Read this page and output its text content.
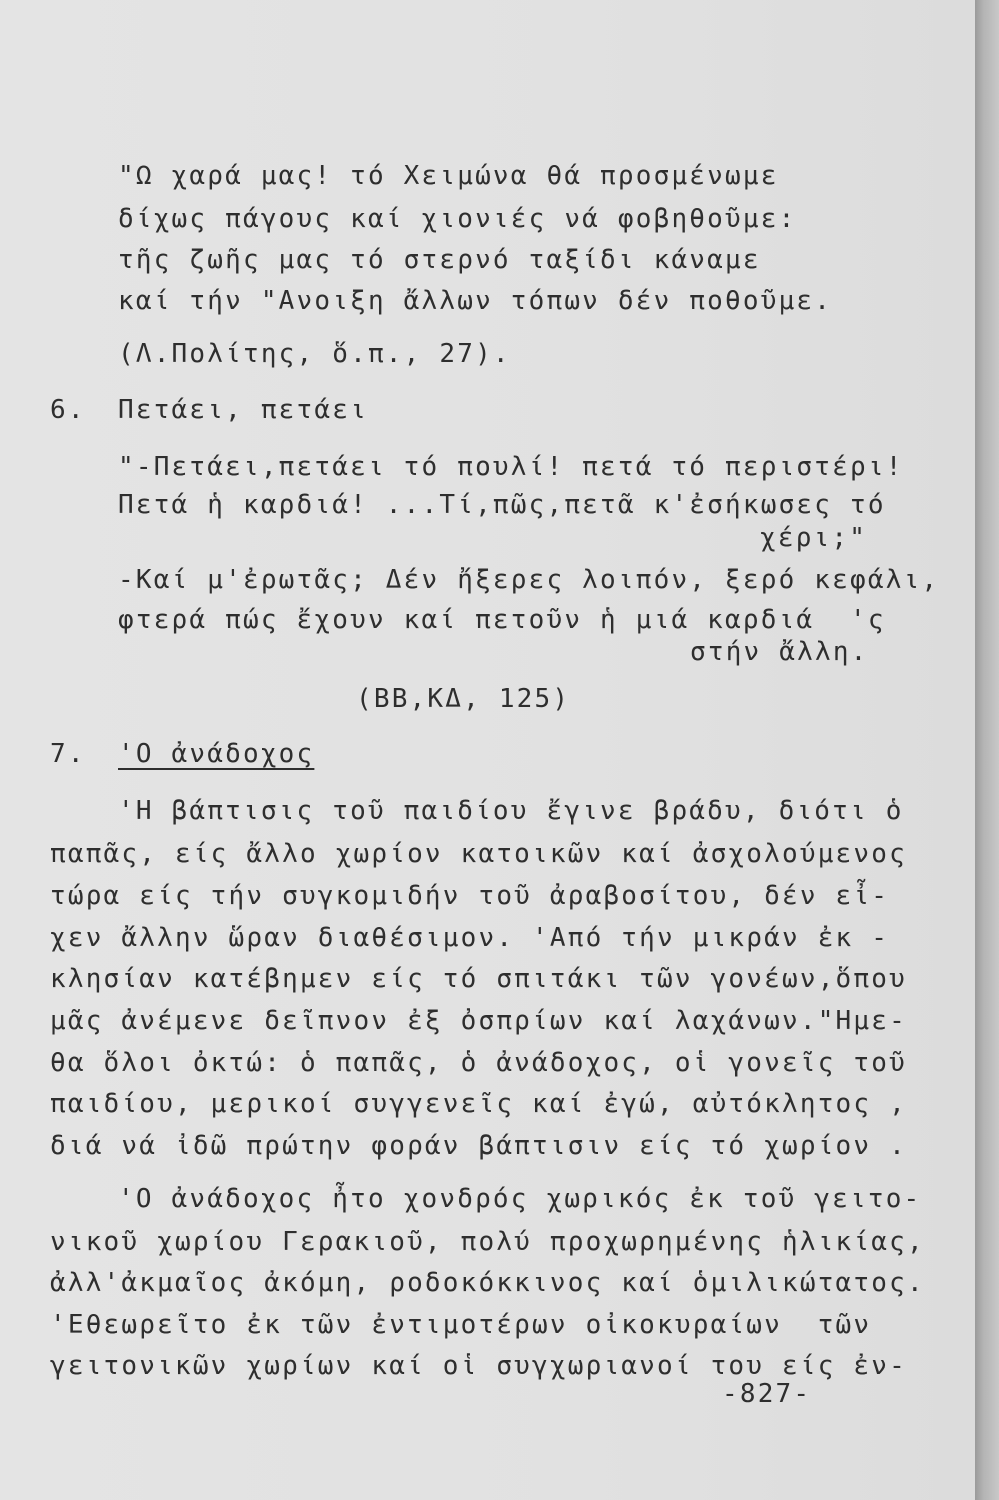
"Ω χαρά μας! τό Χειμώνα θά προσμένωμε
δίχως πάγους καί χιονιές νά φοβηθοῦμε:
τῆς ζωῆς μας τό στερνό ταξίδι κάναμε
καί τήν "Ανοιξη ἄλλων τόπων δέν ποθοῦμε.
(Λ.Πολίτης, ὅ.π., 27).
6. Πετάει, πετάει
"-Πετάει,πετάει τό πουλί! πετά τό περιστέρι!
Πετά ἡ καρδιά! ...Τί,πῶς,πετᾶ κ'ἐσήκωσες τό
χέρι;"
-Καί μ'ἐρωτᾶς; Δέν ἤξερες λοιπόν, ξερό κεφάλι,
φτερά πώς ἔχουν καί πετοῦν ἡ μιά καρδιά  'ς
στήν ἄλλη.
(ΒΒ,ΚΔ, 125)
7. 'Ο ἀνάδοχος
'Η βάπτισις τοῦ παιδίου ἔγινε βράδυ, διότι ὁ
παπᾶς, είς ἄλλο χωρίον κατοικῶν καί ἀσχολούμενος
τώρα είς τήν συγκομιδήν τοῦ ἀραβοσίτου, δέν εἶ-
χεν ἄλλην ὥραν διαθέσιμον. 'Από τήν μικράν ἐκ -
κλησίαν κατέβημεν είς τό σπιτάκι τῶν γονέων,ὅπου
μᾶς ἀνέμενε δεῖπνον ἐξ ὀσπρίων καί λαχάνων."Ημε-
θα ὅλοι ὀκτώ: ὁ παπᾶς, ὁ ἀνάδοχος, οἱ γονεῖς τοῦ
παιδίου, μερικοί συγγενεῖς καί ἐγώ, αὐτόκλητος ,
διά νά ἰδῶ πρώτην φοράν βάπτισιν είς τό χωρίον .
'Ο ἀνάδοχος ἦτο χονδρός χωρικός ἐκ τοῦ γειτο-
νικοῦ χωρίου Γερακιοῦ, πολύ προχωρημένης ἡλικίας,
ἀλλ'ἀκμαῖος ἀκόμη, ροδοκόκκινος καί ὁμιλικώτατος.
'Εθεωρεῖτο ἐκ τῶν ἐντιμοτέρων οἰκοκυραίων  τῶν
γειτονικῶν χωρίων καί οἱ συγχωριανοί του είς ἐν-
-827-
